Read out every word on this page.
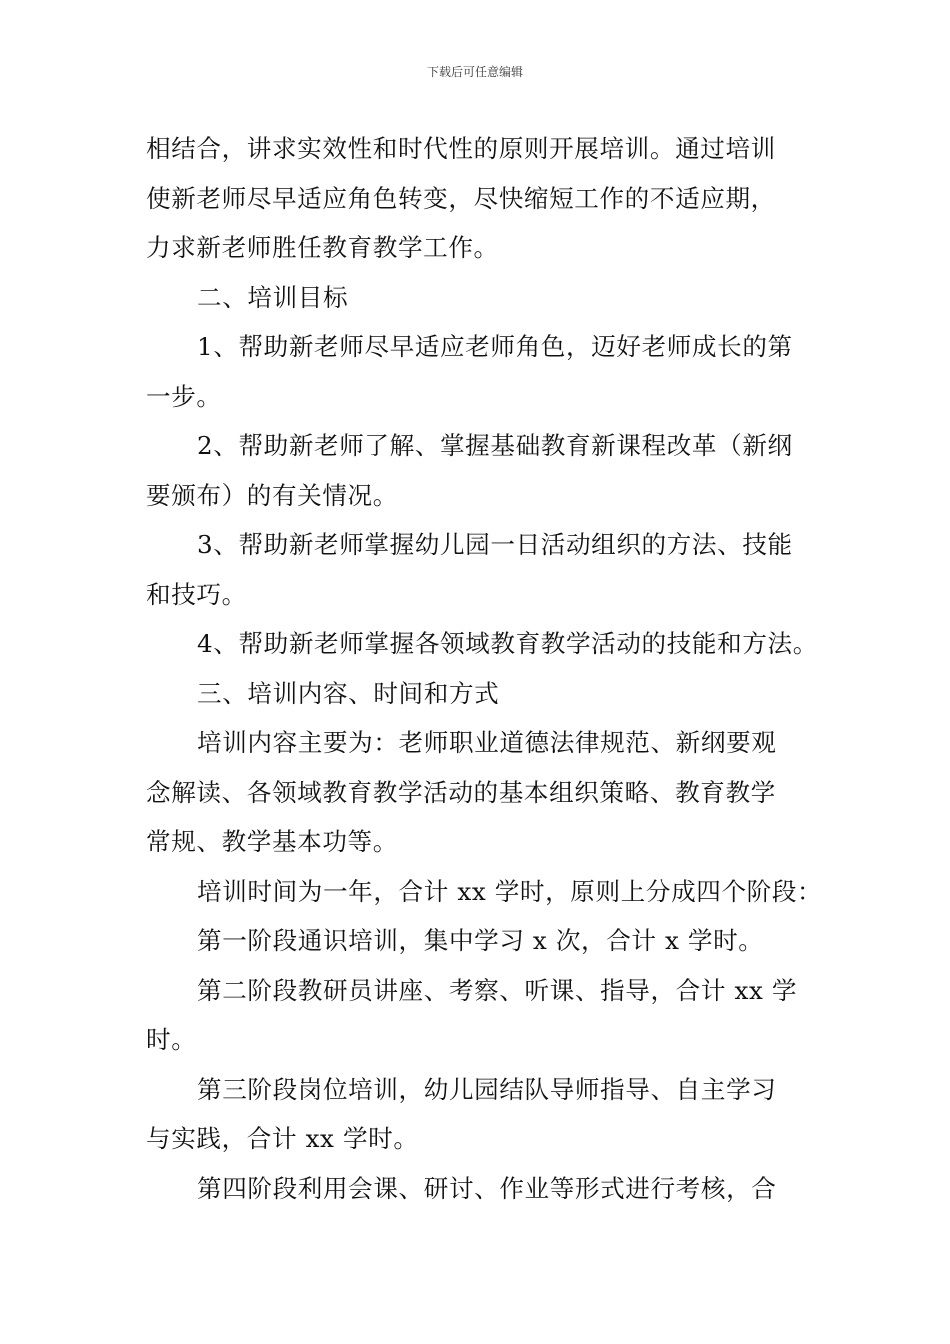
下载后可任意编辑

相结合，讲求实效性和时代性的原则开展培训。通过培训
使新老师尽早适应角色转变，尽快缩短工作的不适应期，
力求新老师胜任教育教学工作。

二、培训目标

1、帮助新老师尽早适应老师角色，迈好老师成长的第
一步。

2、帮助新老师了解、掌握基础教育新课程改革（新纲
要颁布）的有关情况。

3、帮助新老师掌握幼儿园一日活动组织的方法、技能
和技巧。

4、帮助新老师掌握各领域教育教学活动的技能和方法。

三、培训内容、时间和方式

培训内容主要为：老师职业道德法律规范、新纲要观
念解读、各领域教育教学活动的基本组织策略、教育教学
常规、教学基本功等。

培训时间为一年，合计 xx 学时，原则上分成四个阶段：

第一阶段通识培训，集中学习 x 次，合计 x 学时。

第二阶段教研员讲座、考察、听课、指导，合计 xx 学
时。

第三阶段岗位培训，幼儿园结队导师指导、自主学习
与实践，合计 xx 学时。

第四阶段利用会课、研讨、作业等形式进行考核，合
